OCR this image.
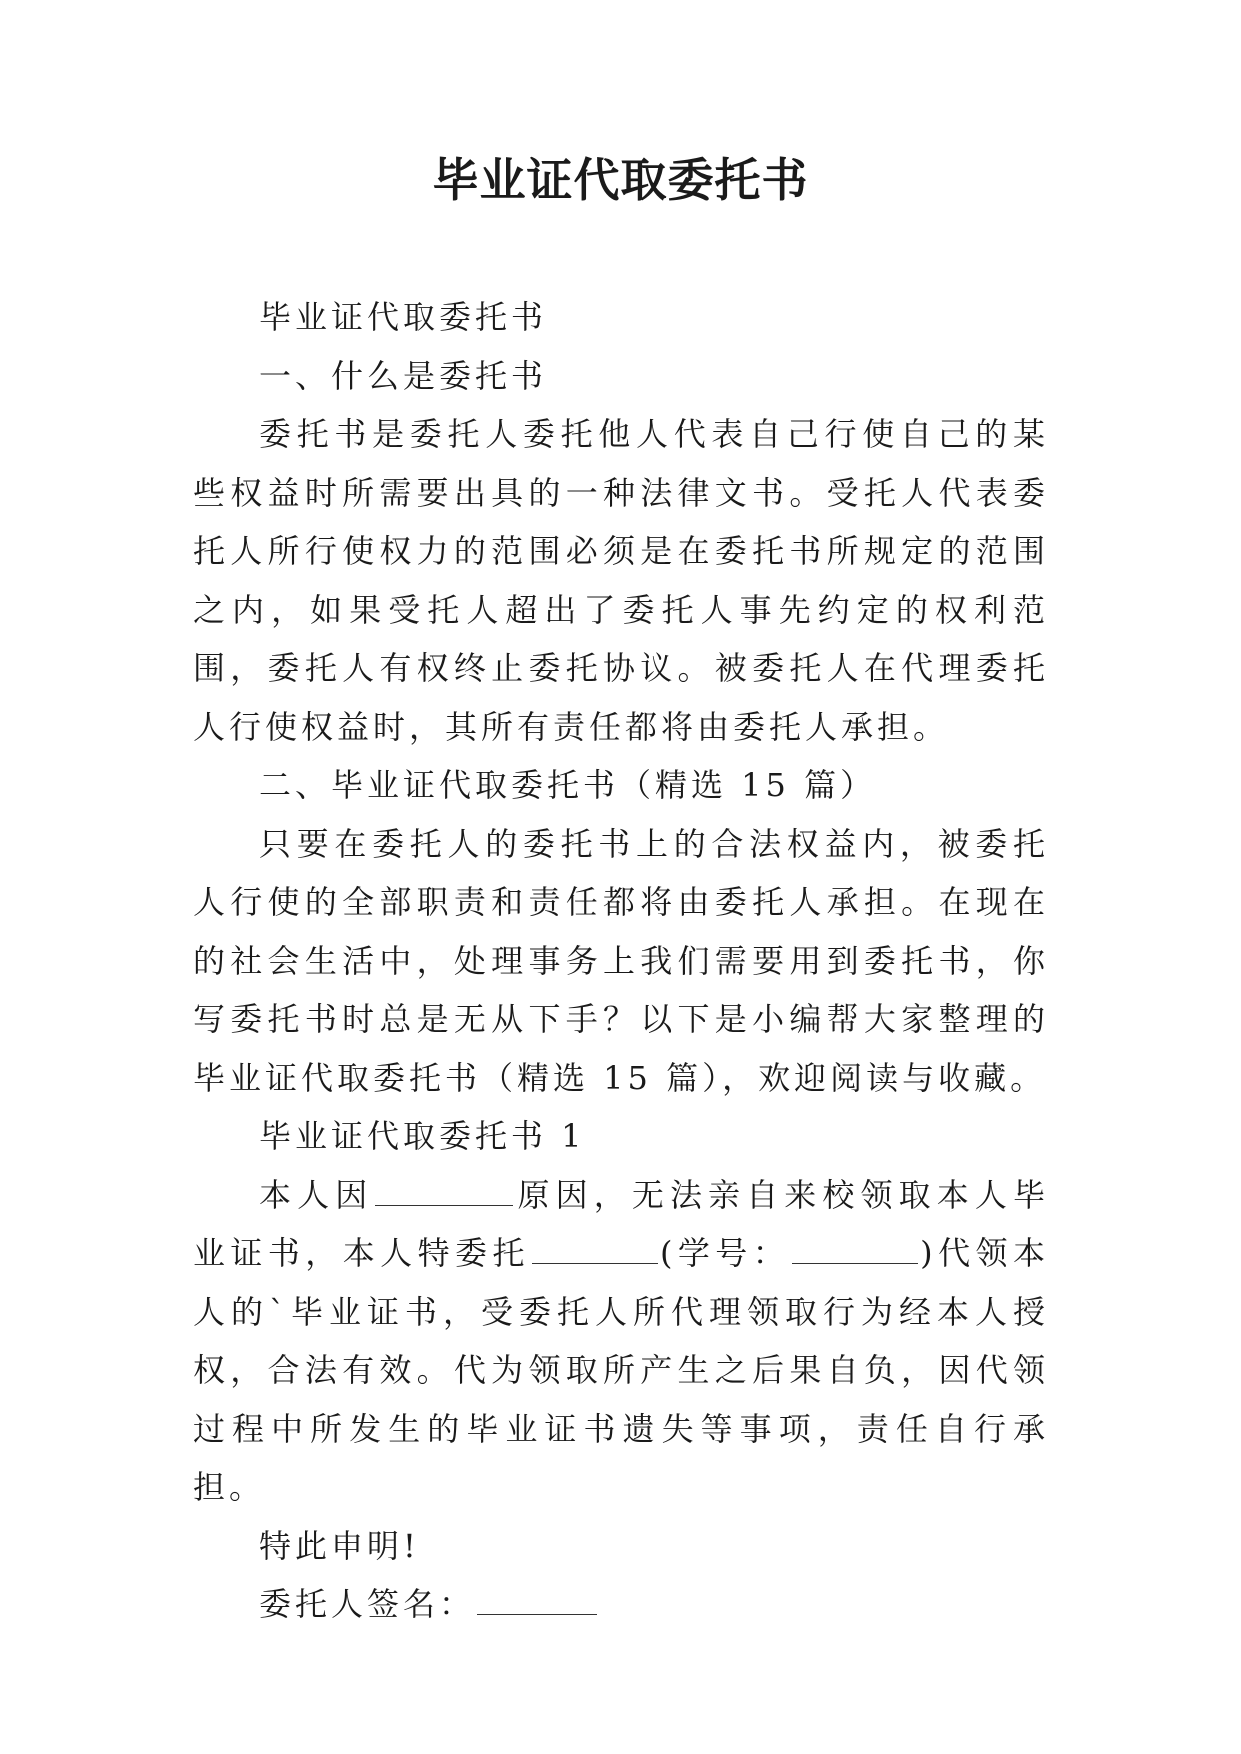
毕业证代取委托书

毕业证代取委托书

一、什么是委托书

委托书是委托人委托他人代表自己行使自己的某些权益时所需要出具的一种法律文书。受托人代表委托人所行使权力的范围必须是在委托书所规定的范围之内，如果受托人超出了委托人事先约定的权利范围，委托人有权终止委托协议。被委托人在代理委托人行使权益时，其所有责任都将由委托人承担。

二、毕业证代取委托书（精选 15 篇）

只要在委托人的委托书上的合法权益内，被委托人行使的全部职责和责任都将由委托人承担。在现在的社会生活中，处理事务上我们需要用到委托书，你写委托书时总是无从下手？以下是小编帮大家整理的毕业证代取委托书（精选 15 篇），欢迎阅读与收藏。

毕业证代取委托书 1

本人因	原因，无法亲自来校领取本人毕业证书，本人特委托	(学号：	)代领本人的`毕业证书，受委托人所代理领取行为经本人授权，合法有效。代为领取所产生之后果自负，因代领过程中所发生的毕业证书遗失等事项，责任自行承担。

特此申明!

委托人签名：
